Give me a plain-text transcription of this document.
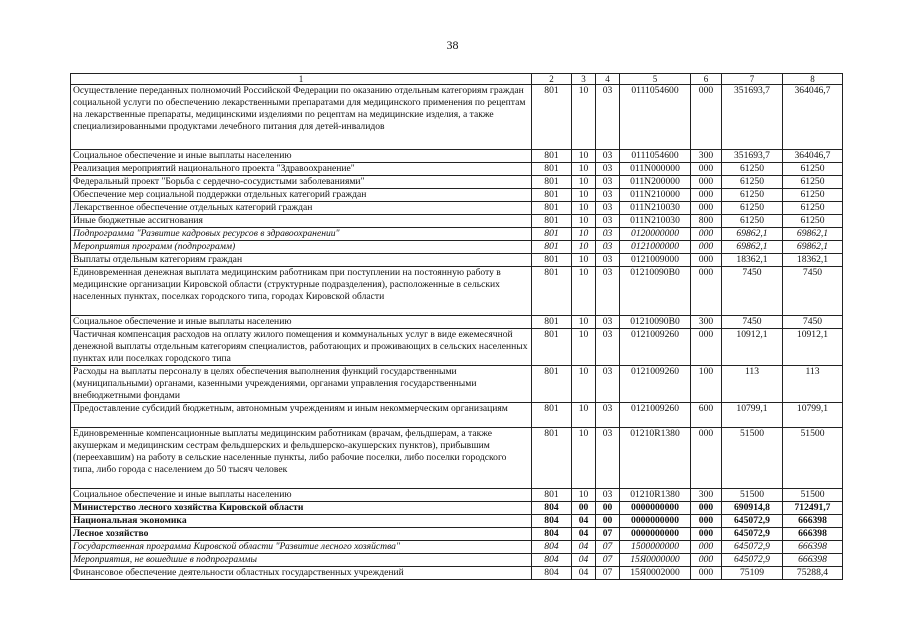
38
1	2	3	4	5	6	7	8
Осуществление переданных полномочий Российской Федерации по оказанию отдельным категориям граждан социальной услуги по обеспечению лекарственными препаратами для медицинского применения по рецептам на лекарственные препараты, медицинскими изделиями по рецептам на медицинские изделия, а также специализированными продуктами лечебного питания для детей-инвалидов	801	10	03	0111054600	000	351693,7	364046,7
Социальное обеспечение и иные выплаты населению	801	10	03	0111054600	300	351693,7	364046,7
Реализация мероприятий национального проекта "Здравоохранение"	801	10	03	011N000000	000	61250	61250
Федеральный проект "Борьба с сердечно-сосудистыми заболеваниями"	801	10	03	011N200000	000	61250	61250
Обеспечение мер социальной поддержки отдельных категорий граждан	801	10	03	011N210000	000	61250	61250
Лекарственное обеспечение отдельных категорий граждан	801	10	03	011N210030	000	61250	61250
Иные бюджетные ассигнования	801	10	03	011N210030	800	61250	61250
Подпрограмма "Развитие кадровых ресурсов в здравоохранении"	801	10	03	0120000000	000	69862,1	69862,1
Мероприятия программ (подпрограмм)	801	10	03	0121000000	000	69862,1	69862,1
Выплаты отдельным категориям граждан	801	10	03	0121009000	000	18362,1	18362,1
Единовременная денежная выплата медицинским работникам при поступлении на постоянную работу в медицинские организации Кировской области (структурные подразделения), расположенные в сельских населенных пунктах, поселках городского типа, городах Кировской области	801	10	03	01210090B0	000	7450	7450
Социальное обеспечение и иные выплаты населению	801	10	03	01210090B0	300	7450	7450
Частичная компенсация расходов на оплату жилого помещения и коммунальных услуг в виде ежемесячной денежной выплаты отдельным категориям специалистов, работающих и проживающих в сельских населенных пунктах или поселках городского типа	801	10	03	0121009260	000	10912,1	10912,1
Расходы на выплаты персоналу в целях обеспечения выполнения функций государственными (муниципальными) органами, казенными учреждениями, органами управления государственными внебюджетными фондами	801	10	03	0121009260	100	113	113
Предоставление субсидий бюджетным, автономным учреждениям и иным некоммерческим организациям	801	10	03	0121009260	600	10799,1	10799,1
Единовременные компенсационные выплаты медицинским работникам (врачам, фельдшерам, а также акушеркам и медицинским сестрам фельдшерских и фельдшерско-акушерских пунктов), прибывшим (переехавшим) на работу в сельские населенные пункты, либо рабочие поселки, либо поселки городского типа, либо города с населением до 50 тысяч человек	801	10	03	01210R1380	000	51500	51500
Социальное обеспечение и иные выплаты населению	801	10	03	01210R1380	300	51500	51500
Министерство лесного хозяйства Кировской области	804	00	00	0000000000	000	690914,8	712491,7
Национальная экономика	804	04	00	0000000000	000	645072,9	666398
Лесное хозяйство	804	04	07	0000000000	000	645072,9	666398
Государственная программа Кировской области "Развитие лесного хозяйства"	804	04	07	1500000000	000	645072,9	666398
Мероприятия, не вошедшие в подпрограммы	804	04	07	15Я0000000	000	645072,9	666398
Финансовое обеспечение деятельности областных государственных учреждений	804	04	07	15Я0002000	000	75109	75288,4
